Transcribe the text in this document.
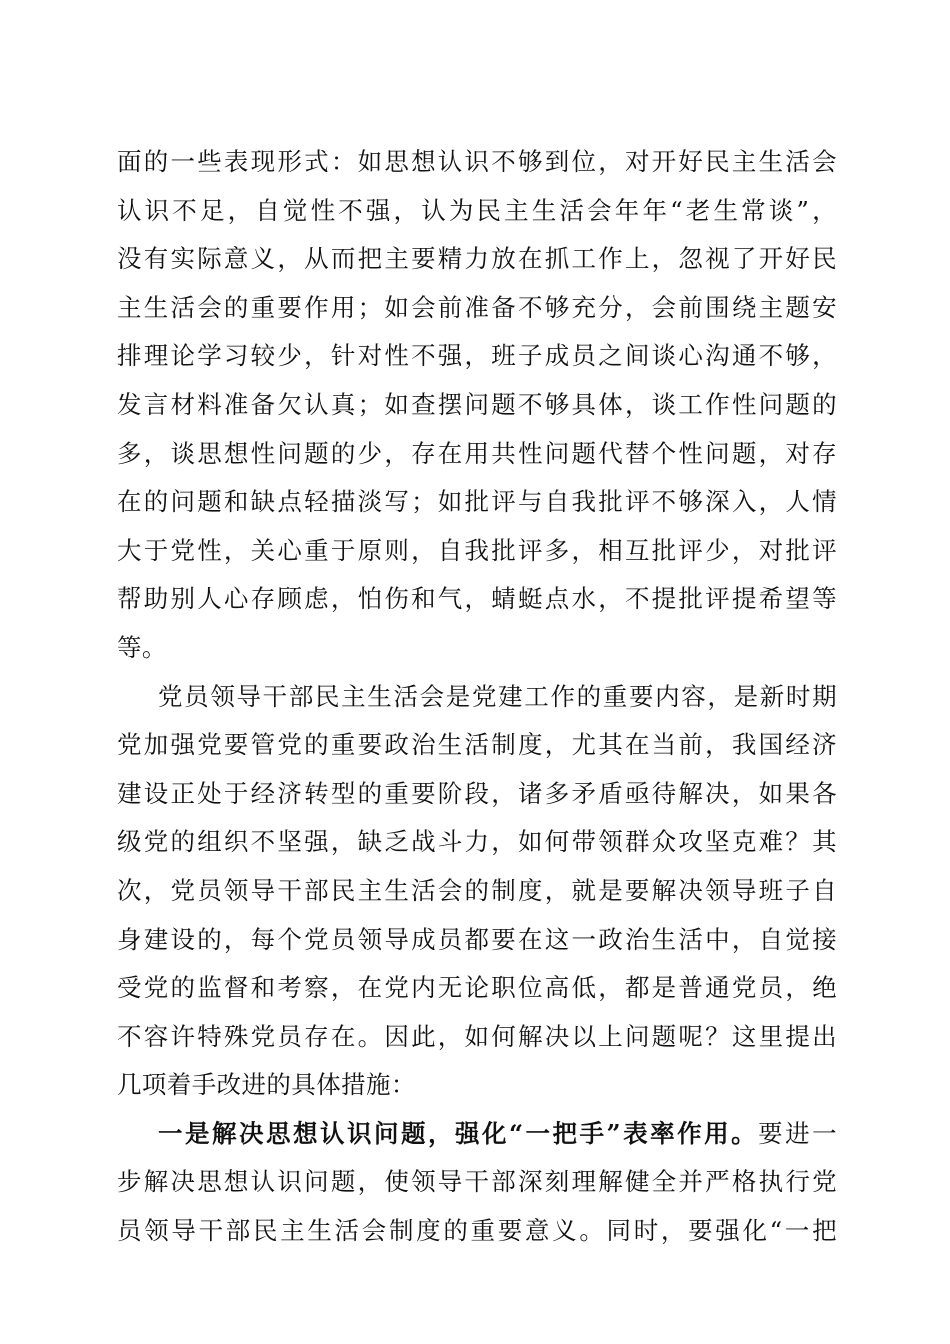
面的一些表现形式：如思想认识不够到位，对开好民主生活会
认识不足，自觉性不强，认为民主生活会年年“老生常谈”，
没有实际意义，从而把主要精力放在抓工作上，忽视了开好民
主生活会的重要作用；如会前准备不够充分，会前围绕主题安
排理论学习较少，针对性不强，班子成员之间谈心沟通不够，
发言材料准备欠认真；如查摆问题不够具体，谈工作性问题的
多，谈思想性问题的少，存在用共性问题代替个性问题，对存
在的问题和缺点轻描淡写；如批评与自我批评不够深入，人情
大于党性，关心重于原则，自我批评多，相互批评少，对批评
帮助别人心存顾虑，怕伤和气，蜻蜓点水，不提批评提希望等
等。
党员领导干部民主生活会是党建工作的重要内容，是新时期
党加强党要管党的重要政治生活制度，尤其在当前，我国经济
建设正处于经济转型的重要阶段，诸多矛盾亟待解决，如果各
级党的组织不坚强，缺乏战斗力，如何带领群众攻坚克难？其
次，党员领导干部民主生活会的制度，就是要解决领导班子自
身建设的，每个党员领导成员都要在这一政治生活中，自觉接
受党的监督和考察，在党内无论职位高低，都是普通党员，绝
不容许特殊党员存在。因此，如何解决以上问题呢？这里提出
几项着手改进的具体措施：
一是解决思想认识问题，强化“一把手”表率作用。要进一
步解决思想认识问题，使领导干部深刻理解健全并严格执行党
员领导干部民主生活会制度的重要意义。同时，要强化“一把
